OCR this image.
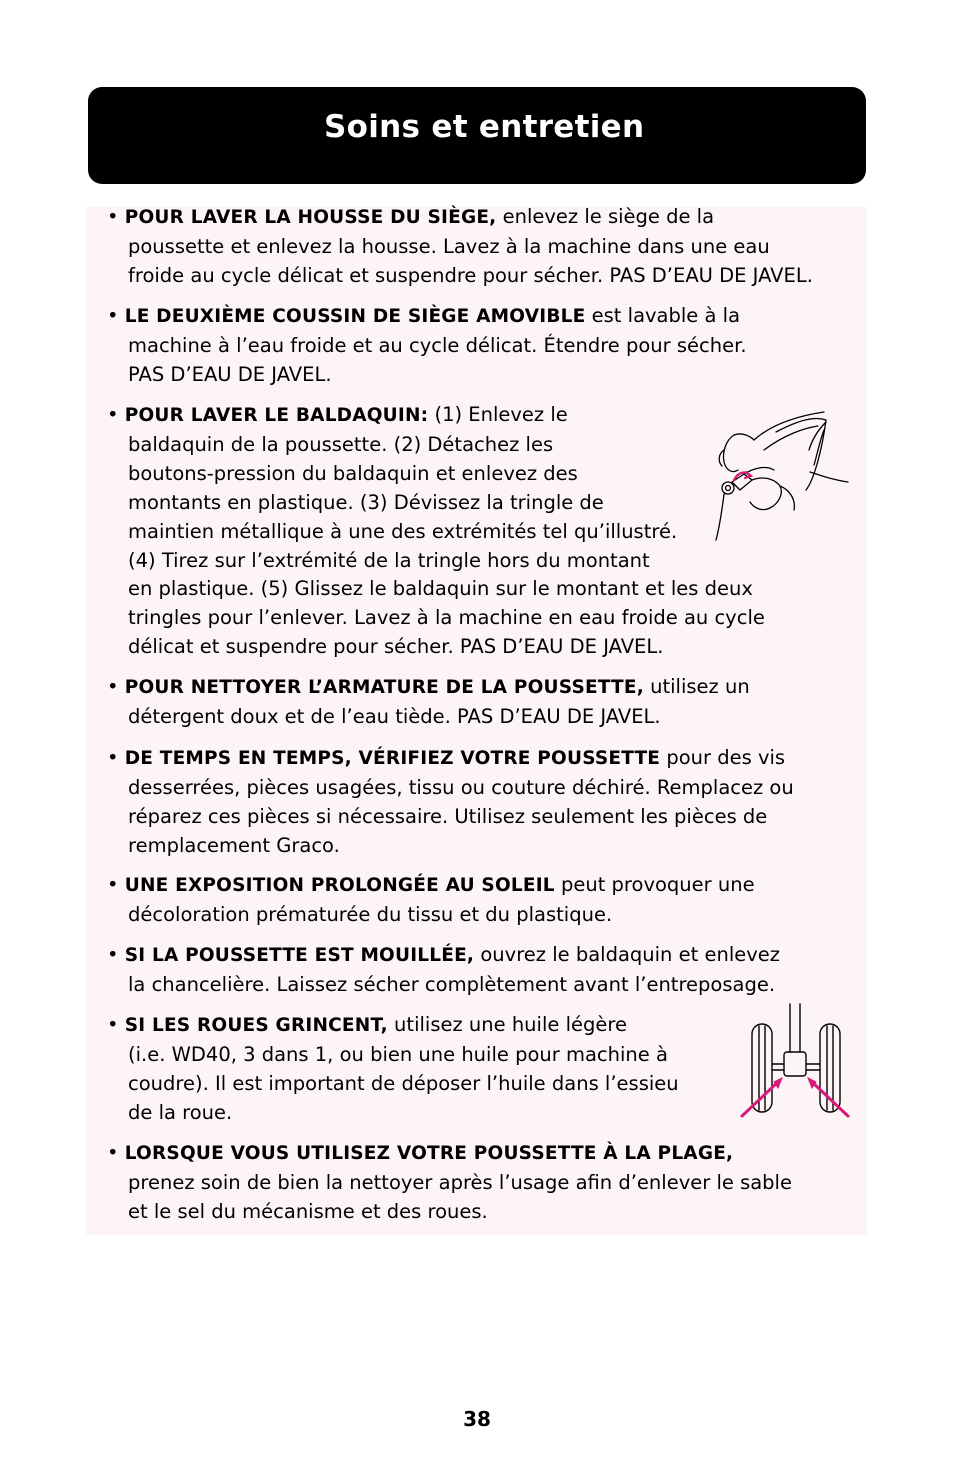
Soins et entretien
• POUR LAVER LA HOUSSE DU SIÈGE, enlevez le siège de la
poussette et enlevez la housse. Lavez à la machine dans une eau
froide au cycle délicat et suspendre pour sécher. PAS D’EAU DE JAVEL.
• LE DEUXIÈME COUSSIN DE SIÈGE AMOVIBLE est lavable à la
machine à l’eau froide et au cycle délicat. Étendre pour sécher.
PAS D’EAU DE JAVEL.
• POUR LAVER LE BALDAQUIN: (1) Enlevez le
baldaquin de la poussette. (2) Détachez les
boutons-pression du baldaquin et enlevez des
montants en plastique. (3) Dévissez la tringle de
maintien métallique à une des extrémités tel qu’illustré.
(4) Tirez sur l’extrémité de la tringle hors du montant
en plastique. (5) Glissez le baldaquin sur le montant et les deux
tringles pour l’enlever. Lavez à la machine en eau froide au cycle
délicat et suspendre pour sécher. PAS D’EAU DE JAVEL.
• POUR NETTOYER L’ARMATURE DE LA POUSSETTE, utilisez un
détergent doux et de l’eau tiède. PAS D’EAU DE JAVEL.
• DE TEMPS EN TEMPS, VÉRIFIEZ VOTRE POUSSETTE pour des vis
desserrées, pièces usagées, tissu ou couture déchiré. Remplacez ou
réparez ces pièces si nécessaire. Utilisez seulement les pièces de
remplacement Graco.
• UNE EXPOSITION PROLONGÉE AU SOLEIL peut provoquer une
décoloration prématurée du tissu et du plastique.
• SI LA POUSSETTE EST MOUILLÉE, ouvrez le baldaquin et enlevez
la chancelière. Laissez sécher complètement avant l’entreposage.
• SI LES ROUES GRINCENT, utilisez une huile légère
(i.e. WD40, 3 dans 1, ou bien une huile pour machine à
coudre). Il est important de déposer l’huile dans l’essieu
de la roue.
• LORSQUE VOUS UTILISEZ VOTRE POUSSETTE À LA PLAGE,
prenez soin de bien la nettoyer après l’usage afin d’enlever le sable
et le sel du mécanisme et des roues.
38
